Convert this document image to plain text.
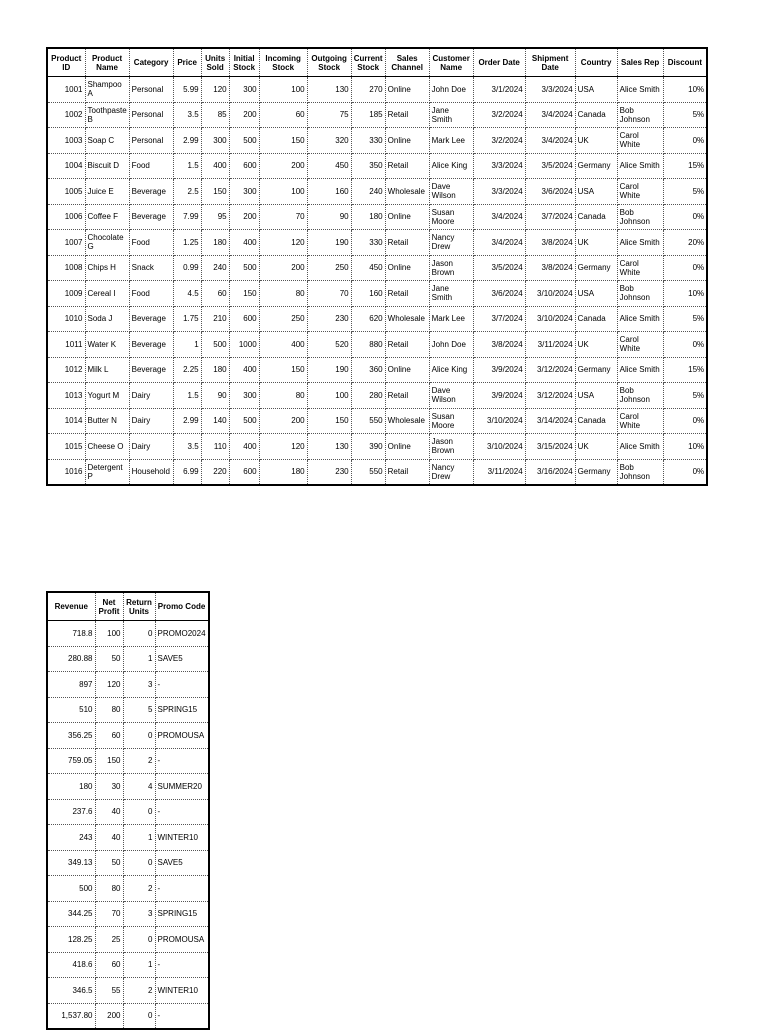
Product ID	Product Name	Category	Price	Units Sold	Initial Stock	Incoming Stock	Outgoing Stock	Current Stock	Sales Channel	Customer Name	Order Date	Shipment Date	Country	Sales Rep	Discount
1001	Shampoo A	Personal	5.99	120	300	100	130	270	Online	John Doe	3/1/2024	3/3/2024	USA	Alice Smith	10%
1002	Toothpaste B	Personal	3.5	85	200	60	75	185	Retail	Jane Smith	3/2/2024	3/4/2024	Canada	Bob Johnson	5%
1003	Soap C	Personal	2.99	300	500	150	320	330	Online	Mark Lee	3/2/2024	3/4/2024	UK	Carol White	0%
1004	Biscuit D	Food	1.5	400	600	200	450	350	Retail	Alice King	3/3/2024	3/5/2024	Germany	Alice Smith	15%
1005	Juice E	Beverage	2.5	150	300	100	160	240	Wholesale	Dave Wilson	3/3/2024	3/6/2024	USA	Carol White	5%
1006	Coffee F	Beverage	7.99	95	200	70	90	180	Online	Susan Moore	3/4/2024	3/7/2024	Canada	Bob Johnson	0%
1007	Chocolate G	Food	1.25	180	400	120	190	330	Retail	Nancy Drew	3/4/2024	3/8/2024	UK	Alice Smith	20%
1008	Chips H	Snack	0.99	240	500	200	250	450	Online	Jason Brown	3/5/2024	3/8/2024	Germany	Carol White	0%
1009	Cereal I	Food	4.5	60	150	80	70	160	Retail	Jane Smith	3/6/2024	3/10/2024	USA	Bob Johnson	10%
1010	Soda J	Beverage	1.75	210	600	250	230	620	Wholesale	Mark Lee	3/7/2024	3/10/2024	Canada	Alice Smith	5%
1011	Water K	Beverage	1	500	1000	400	520	880	Retail	John Doe	3/8/2024	3/11/2024	UK	Carol White	0%
1012	Milk L	Beverage	2.25	180	400	150	190	360	Online	Alice King	3/9/2024	3/12/2024	Germany	Alice Smith	15%
1013	Yogurt M	Dairy	1.5	90	300	80	100	280	Retail	Dave Wilson	3/9/2024	3/12/2024	USA	Bob Johnson	5%
1014	Butter N	Dairy	2.99	140	500	200	150	550	Wholesale	Susan Moore	3/10/2024	3/14/2024	Canada	Carol White	0%
1015	Cheese O	Dairy	3.5	110	400	120	130	390	Online	Jason Brown	3/10/2024	3/15/2024	UK	Alice Smith	10%
1016	Detergent P	Household	6.99	220	600	180	230	550	Retail	Nancy Drew	3/11/2024	3/16/2024	Germany	Bob Johnson	0%
Revenue	Net Profit	Return Units	Promo Code
718.8	100	0	PROMO2024
280.88	50	1	SAVE5
897	120	3	-
510	80	5	SPRING15
356.25	60	0	PROMOUSA
759.05	150	2	-
180	30	4	SUMMER20
237.6	40	0	-
243	40	1	WINTER10
349.13	50	0	SAVE5
500	80	2	-
344.25	70	3	SPRING15
128.25	25	0	PROMOUSA
418.6	60	1	-
346.5	55	2	WINTER10
1,537.80	200	0	-
